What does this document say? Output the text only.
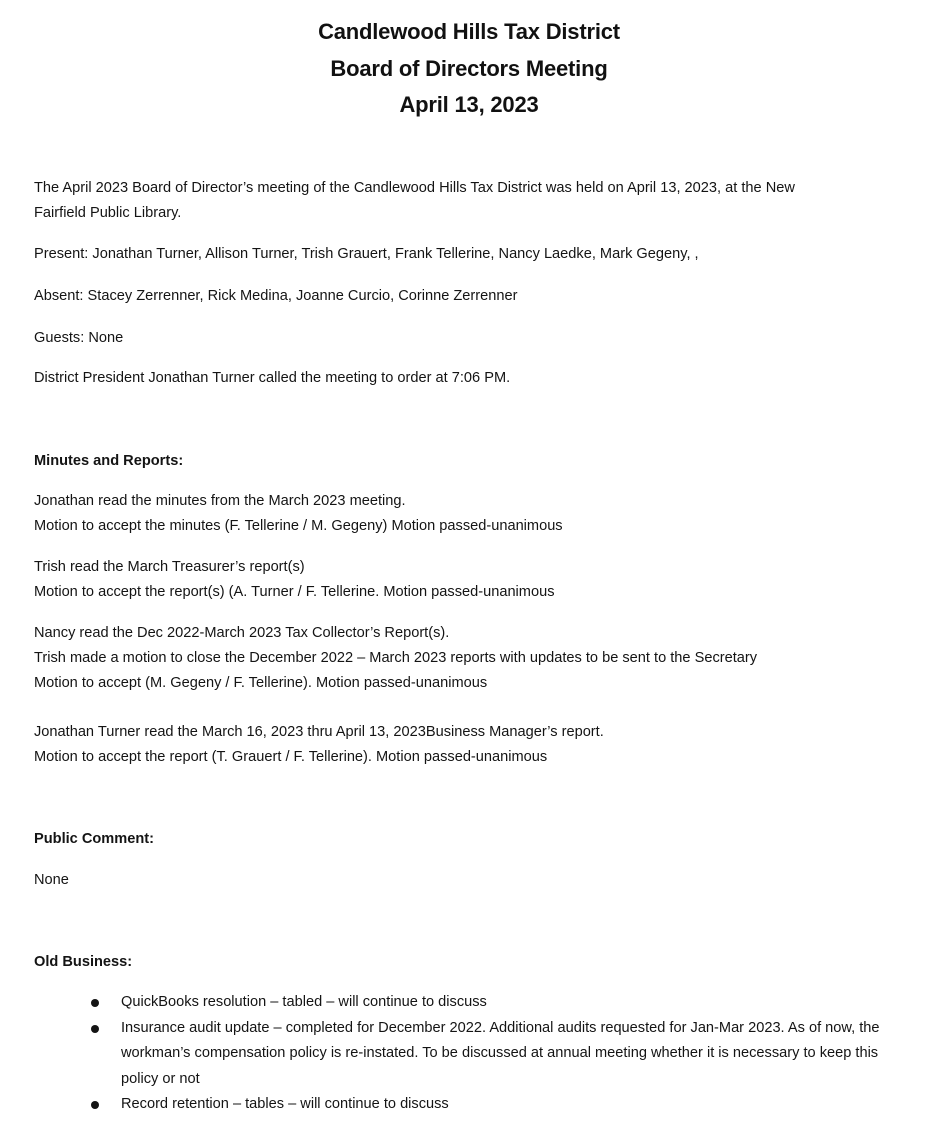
Candlewood Hills Tax District
Board of Directors Meeting
April 13, 2023
The April 2023 Board of Director’s meeting of the Candlewood Hills Tax District was held on April 13, 2023, at the New
Fairfield Public Library.
Present: Jonathan Turner, Allison Turner, Trish Grauert, Frank Tellerine, Nancy Laedke, Mark Gegeny, ,
Absent: Stacey Zerrenner, Rick Medina, Joanne Curcio, Corinne Zerrenner
Guests: None
District President Jonathan Turner called the meeting to order at 7:06 PM.
Minutes and Reports:
Jonathan read the minutes from the March 2023 meeting.
Motion to accept the minutes (F. Tellerine / M. Gegeny) Motion passed-unanimous
Trish read the March Treasurer’s report(s)
Motion to accept the report(s) (A. Turner / F. Tellerine. Motion passed-unanimous
Nancy read the Dec 2022-March 2023 Tax Collector’s Report(s).
Trish made a motion to close the December 2022 – March 2023 reports with updates to be sent to the Secretary
Motion to accept (M. Gegeny / F. Tellerine). Motion passed-unanimous
Jonathan Turner read the March 16, 2023 thru April 13, 2023Business Manager’s report.
Motion to accept the report (T. Grauert / F. Tellerine). Motion passed-unanimous
Public Comment:
None
Old Business:
QuickBooks resolution – tabled – will continue to discuss
Insurance audit update – completed for December 2022. Additional audits requested for Jan-Mar 2023. As of now, the workman’s compensation policy is re-instated. To be discussed at annual meeting whether it is necessary to keep this policy or not
Record retention – tables – will continue to discuss
